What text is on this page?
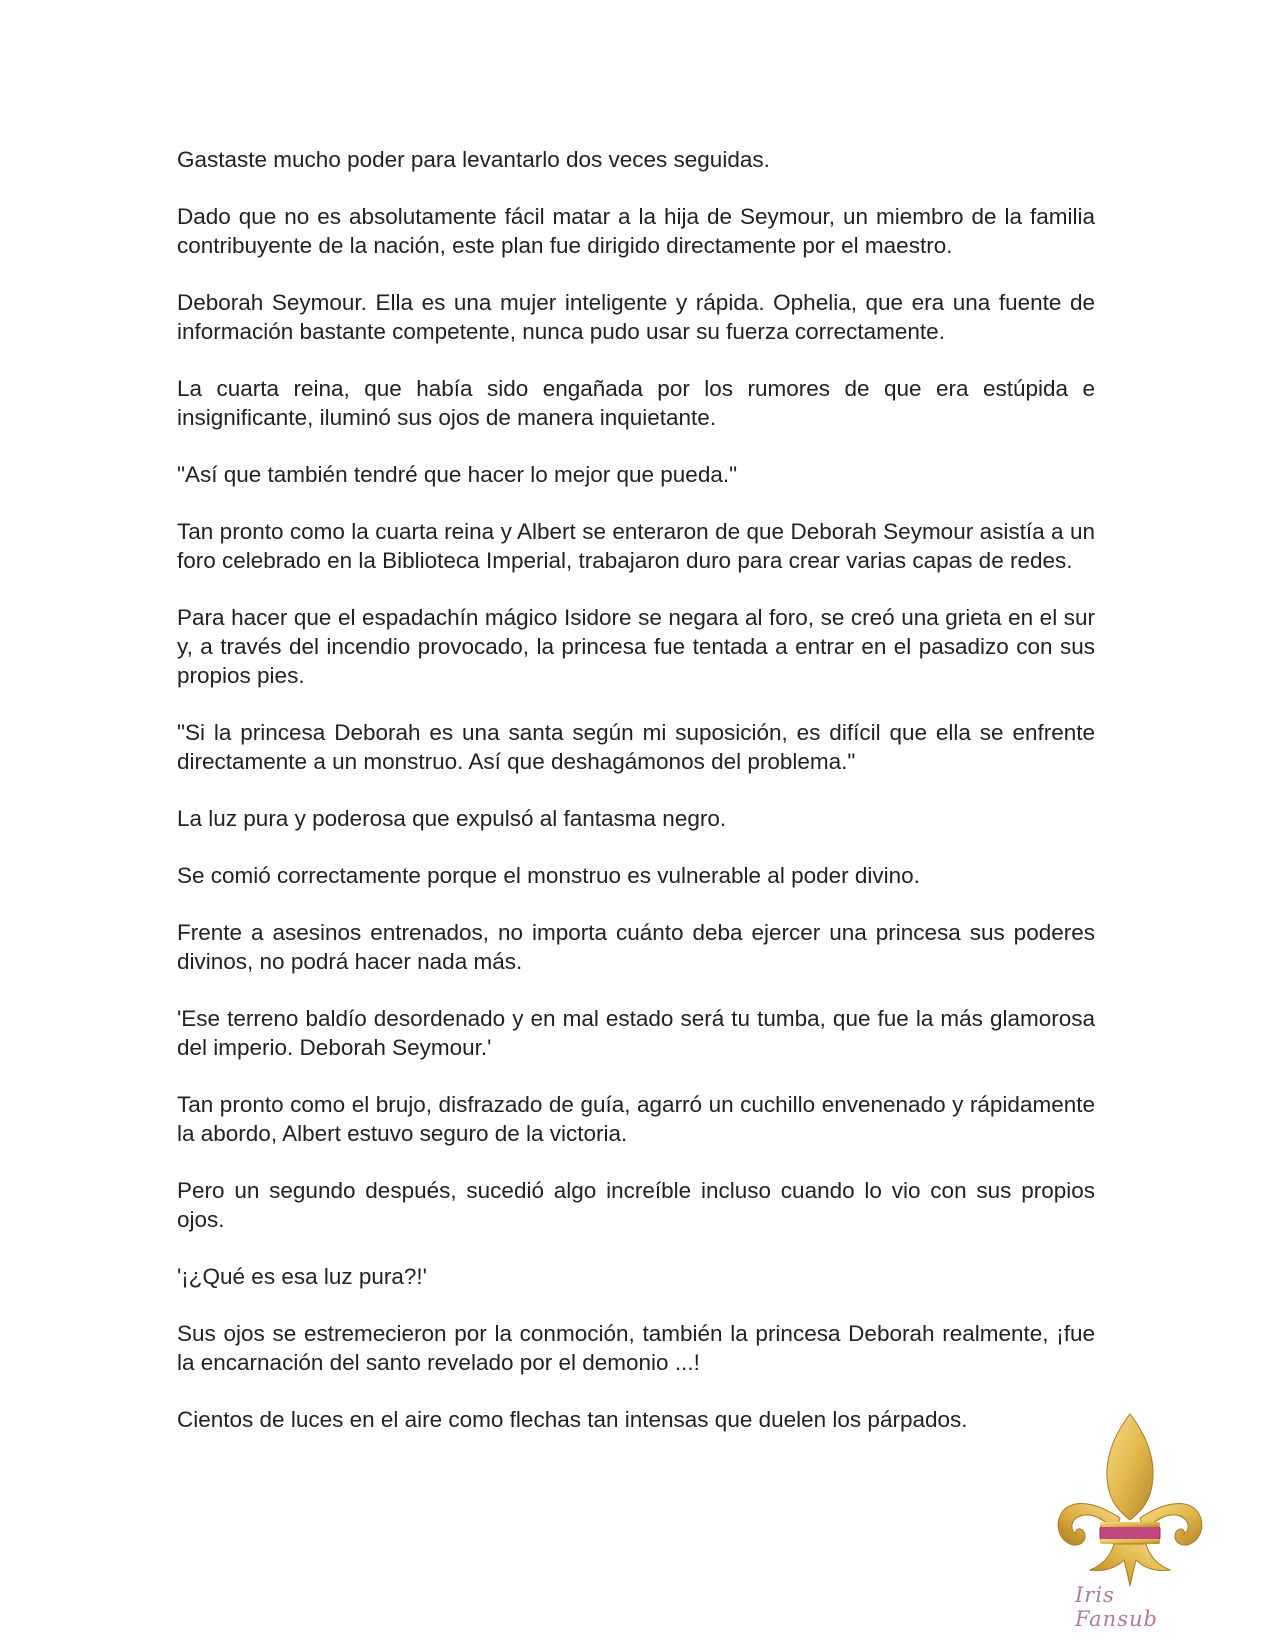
Gastaste mucho poder para levantarlo dos veces seguidas.

Dado que no es absolutamente fácil matar a la hija de Seymour, un miembro de la familia contribuyente de la nación, este plan fue dirigido directamente por el maestro.

Deborah Seymour. Ella es una mujer inteligente y rápida. Ophelia, que era una fuente de información bastante competente, nunca pudo usar su fuerza correctamente.

La cuarta reina, que había sido engañada por los rumores de que era estúpida e insignificante, iluminó sus ojos de manera inquietante.

"Así que también tendré que hacer lo mejor que pueda."

Tan pronto como la cuarta reina y Albert se enteraron de que Deborah Seymour asistía a un foro celebrado en la Biblioteca Imperial, trabajaron duro para crear varias capas de redes.

Para hacer que el espadachín mágico Isidore se negara al foro, se creó una grieta en el sur y, a través del incendio provocado, la princesa fue tentada a entrar en el pasadizo con sus propios pies.

"Si la princesa Deborah es una santa según mi suposición, es difícil que ella se enfrente directamente a un monstruo. Así que deshagámonos del problema."

La luz pura y poderosa que expulsó al fantasma negro.

Se comió correctamente porque el monstruo es vulnerable al poder divino.

Frente a asesinos entrenados, no importa cuánto deba ejercer una princesa sus poderes divinos, no podrá hacer nada más.

'Ese terreno baldío desordenado y en mal estado será tu tumba, que fue la más glamorosa del imperio. Deborah Seymour.'

Tan pronto como el brujo, disfrazado de guía, agarró un cuchillo envenenado y rápidamente la abordo, Albert estuvo seguro de la victoria.

Pero un segundo después, sucedió algo increíble incluso cuando lo vio con sus propios ojos.

'¡¿Qué es esa luz pura?!'

Sus ojos se estremecieron por la conmoción, también la princesa Deborah realmente, ¡fue la encarnación del santo revelado por el demonio ...!

Cientos de luces en el aire como flechas tan intensas que duelen los párpados.

Iris Fansub
